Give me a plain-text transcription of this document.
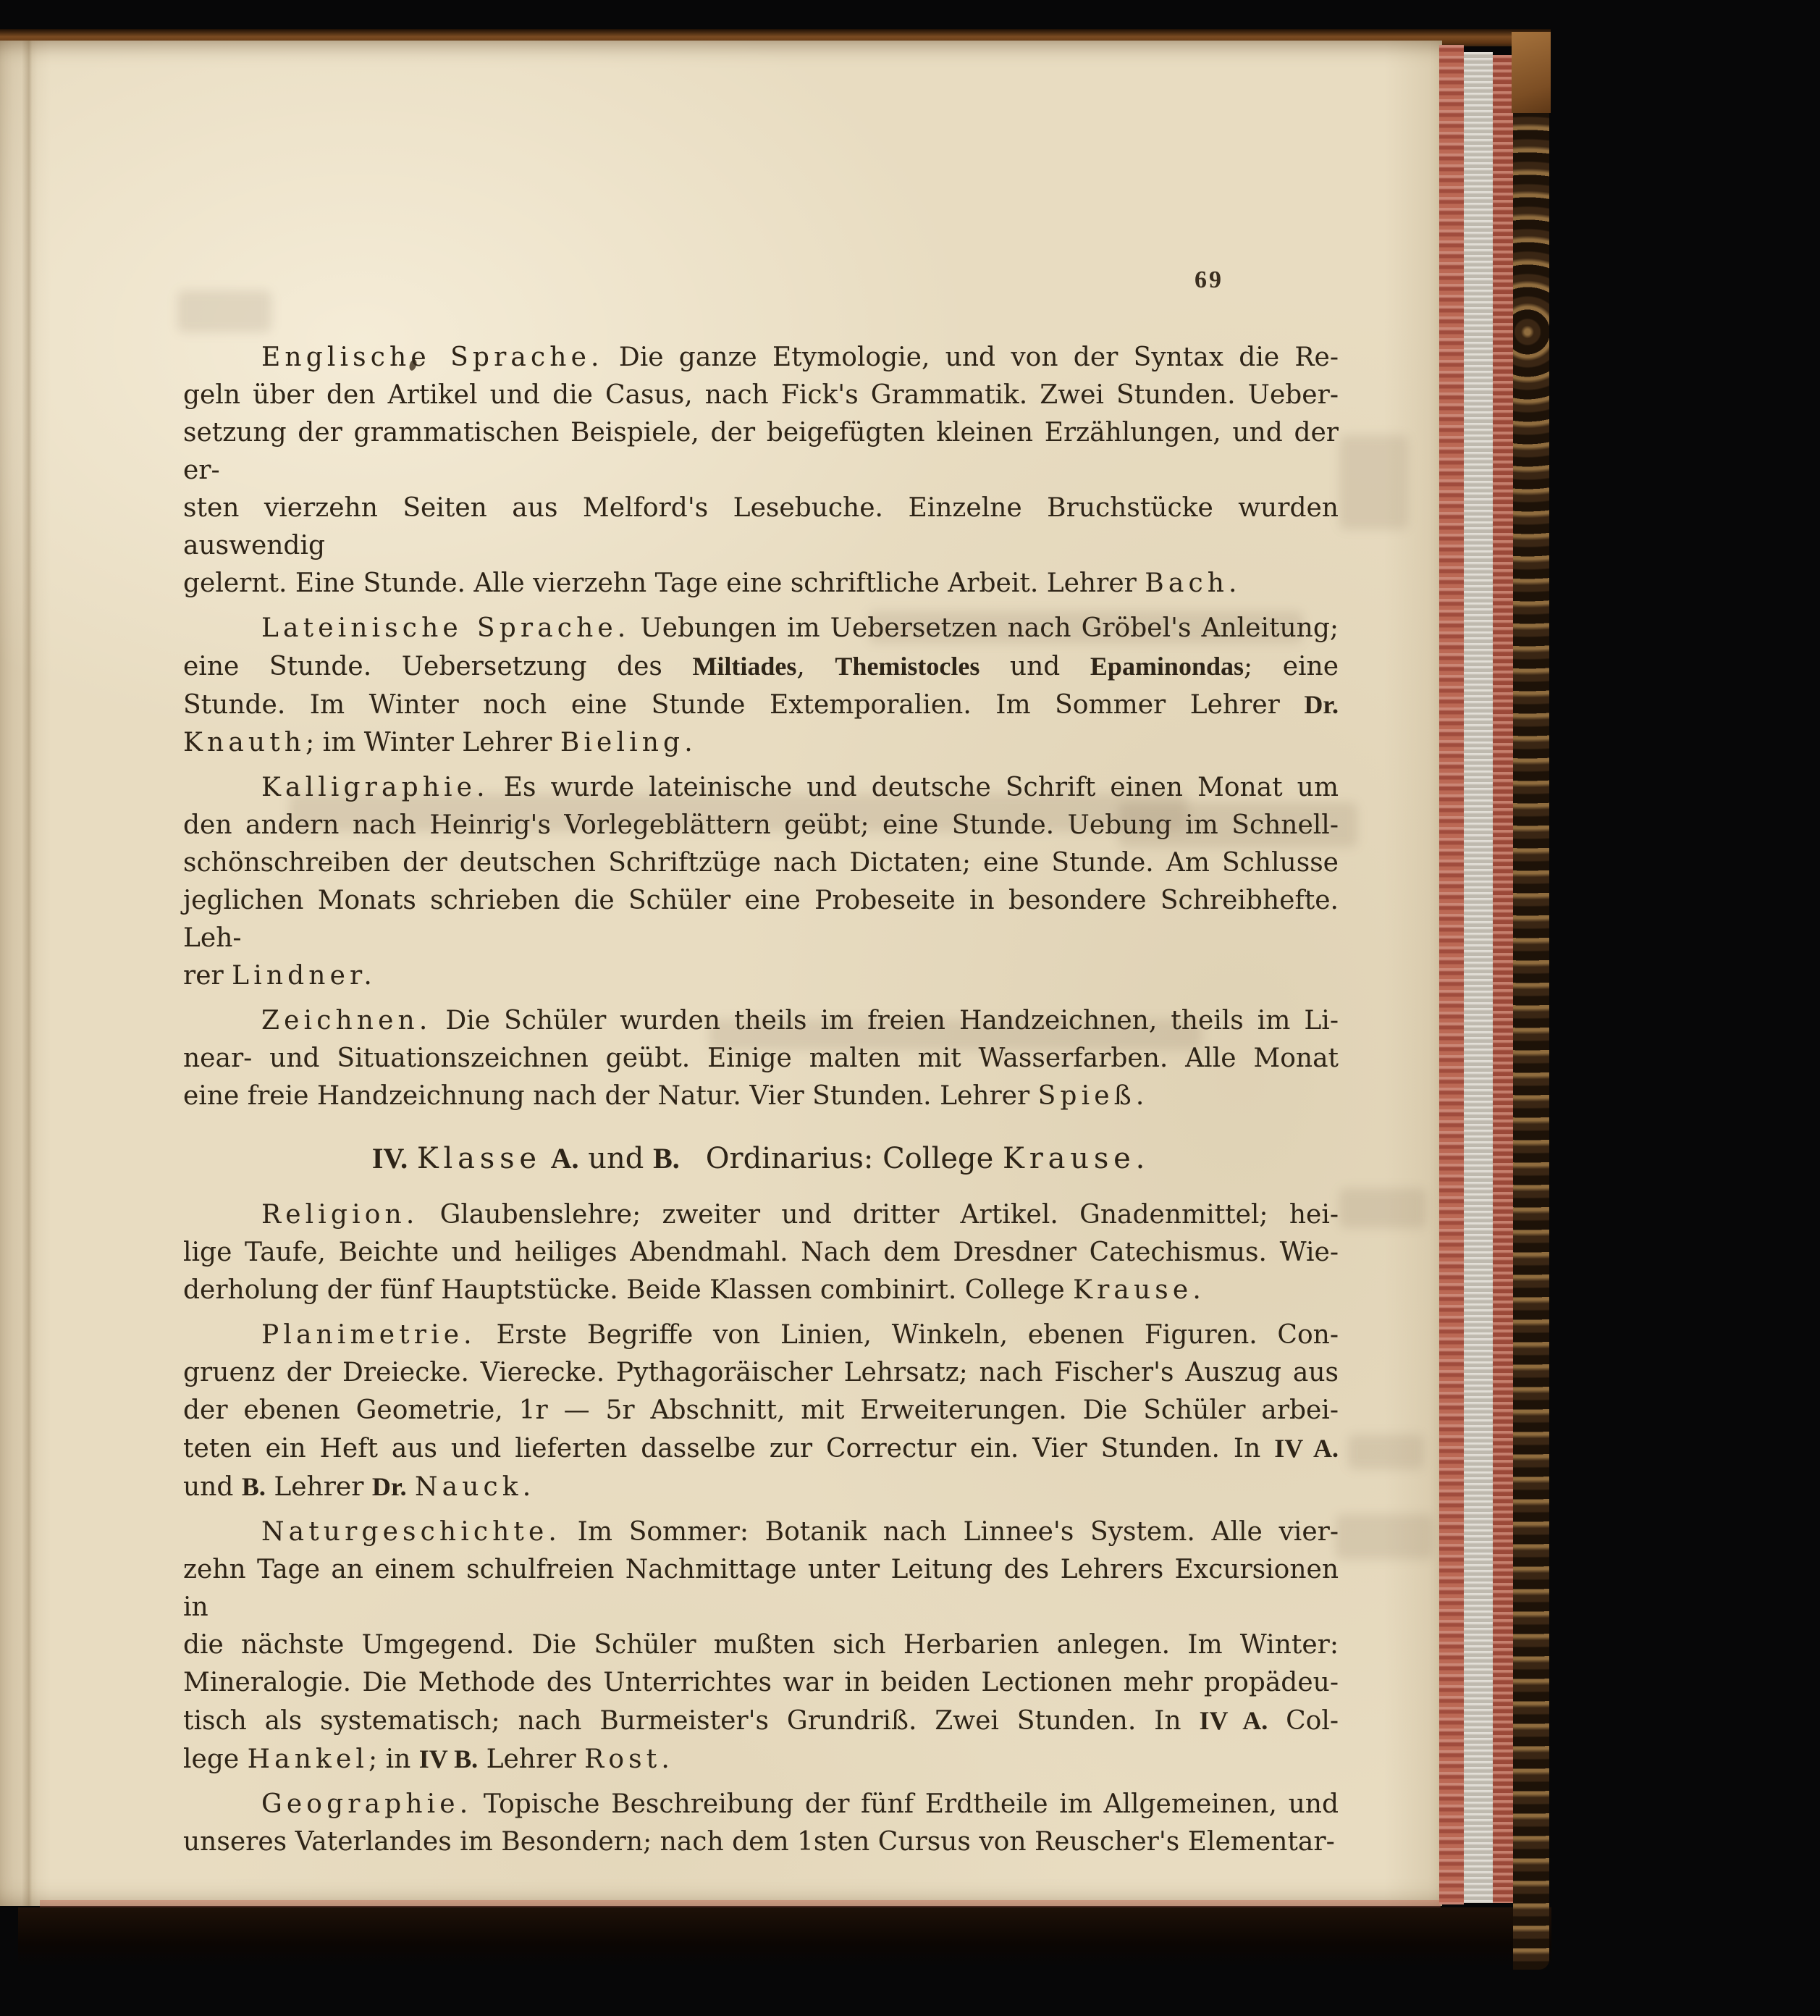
69
Englische Sprache. Die ganze Etymologie, und von der Syntax die Re-
geln über den Artikel und die Casus, nach Fick's Grammatik. Zwei Stunden. Ueber-
setzung der grammatischen Beispiele, der beigefügten kleinen Erzählungen, und der er-
sten vierzehn Seiten aus Melford's Lesebuche. Einzelne Bruchstücke wurden auswendig
gelernt. Eine Stunde. Alle vierzehn Tage eine schriftliche Arbeit. Lehrer Bach.
Lateinische Sprache. Uebungen im Uebersetzen nach Gröbel's Anleitung;
eine Stunde. Uebersetzung des Miltiades, Themistocles und Epaminondas; eine
Stunde. Im Winter noch eine Stunde Extemporalien. Im Sommer Lehrer Dr.
Knauth; im Winter Lehrer Bieling.
Kalligraphie. Es wurde lateinische und deutsche Schrift einen Monat um
den andern nach Heinrig's Vorlegeblättern geübt; eine Stunde. Uebung im Schnell-
schönschreiben der deutschen Schriftzüge nach Dictaten; eine Stunde. Am Schlusse
jeglichen Monats schrieben die Schüler eine Probeseite in besondere Schreibhefte. Leh-
rer Lindner.
Zeichnen. Die Schüler wurden theils im freien Handzeichnen, theils im Li-
near- und Situationszeichnen geübt. Einige malten mit Wasserfarben. Alle Monat
eine freie Handzeichnung nach der Natur. Vier Stunden. Lehrer Spieß.
IV. Klasse A. und B. Ordinarius: College Krause.
Religion. Glaubenslehre; zweiter und dritter Artikel. Gnadenmittel; hei-
lige Taufe, Beichte und heiliges Abendmahl. Nach dem Dresdner Catechismus. Wie-
derholung der fünf Hauptstücke. Beide Klassen combinirt. College Krause.
Planimetrie. Erste Begriffe von Linien, Winkeln, ebenen Figuren. Con-
gruenz der Dreiecke. Vierecke. Pythagoräischer Lehrsatz; nach Fischer's Auszug aus
der ebenen Geometrie, 1r — 5r Abschnitt, mit Erweiterungen. Die Schüler arbei-
teten ein Heft aus und lieferten dasselbe zur Correctur ein. Vier Stunden. In IV A.
und B. Lehrer Dr. Nauck.
Naturgeschichte. Im Sommer: Botanik nach Linnee's System. Alle vier-
zehn Tage an einem schulfreien Nachmittage unter Leitung des Lehrers Excursionen in
die nächste Umgegend. Die Schüler mußten sich Herbarien anlegen. Im Winter:
Mineralogie. Die Methode des Unterrichtes war in beiden Lectionen mehr propädeu-
tisch als systematisch; nach Burmeister's Grundriß. Zwei Stunden. In IV A. Col-
lege Hankel; in IV B. Lehrer Rost.
Geographie. Topische Beschreibung der fünf Erdtheile im Allgemeinen, und
unseres Vaterlandes im Besondern; nach dem 1sten Cursus von Reuscher's Elementar-
